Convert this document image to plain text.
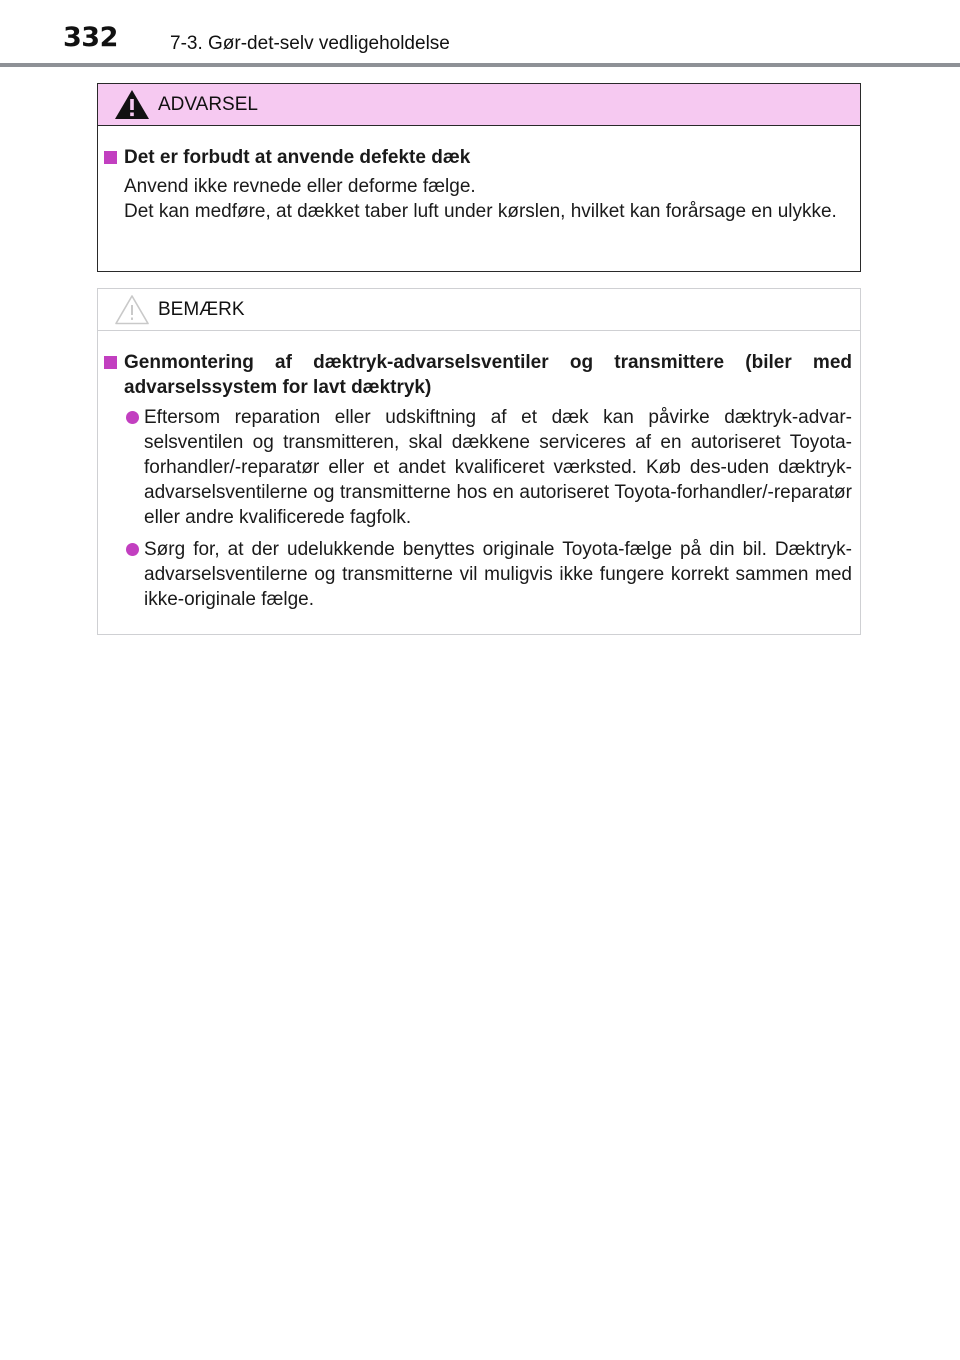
332	7-3. Gør-det-selv vedligeholdelse
ADVARSEL
Det er forbudt at anvende defekte dæk
Anvend ikke revnede eller deforme fælge.
Det kan medføre, at dækket taber luft under kørslen, hvilket kan forårsage en ulykke.
BEMÆRK
Genmontering af dæktryk-advarselsventiler og transmittere (biler med advarselssystem for lavt dæktryk)
Eftersom reparation eller udskiftning af et dæk kan påvirke dæktryk-advar-selsventilen og transmitteren, skal dækkene serviceres af en autoriseret Toyota-forhandler/-reparatør eller et andet kvalificeret værksted. Køb des-uden dæktryk-advarselsventilerne og transmitterne hos en autoriseret Toyota-forhandler/-reparatør eller andre kvalificerede fagfolk.
Sørg for, at der udelukkende benyttes originale Toyota-fælge på din bil. Dæktryk-advarselsventilerne og transmitterne vil muligvis ikke fungere korrekt sammen med ikke-originale fælge.
